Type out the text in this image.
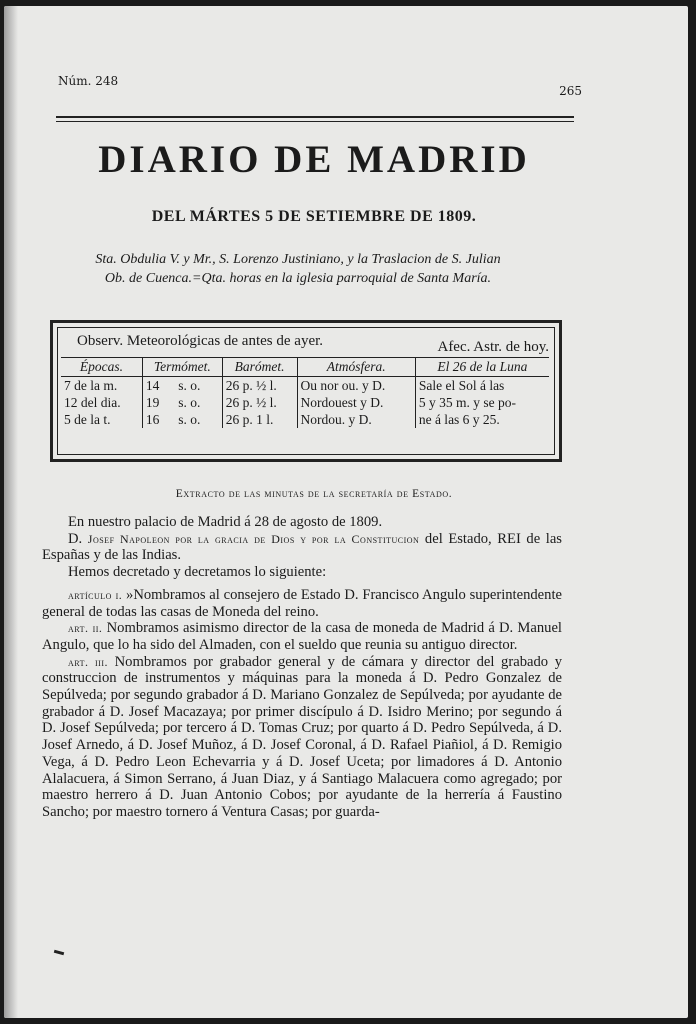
Núm. 248
265
DIARIO DE MADRID
DEL MÁRTES 5 DE SETIEMBRE DE 1809.
Sta. Obdulia V. y Mr., S. Lorenzo Justiniano, y la Traslacion de S. Julian
Ob. de Cuenca.=Qta. horas en la iglesia parroquial de Santa María.
Observ. Meteorológicas de antes de ayer.	Afec. Astr. de hoy.
Épocas.	Termómet.		Barómet.	Atmósfera.	El 26 de la Luna
7 de la m.	14	s. o.	26 p. ½ l.	Ou nor ou. y D.	Sale el Sol á las
12 del dia.	19	s. o.	26 p. ½ l.	Nordouest y D.	5 y 35 m. y se po-
5 de la t.	16	s. o.	26 p. 1 l.	Nordou. y D.	ne á las 6 y 25.
Extracto de las minutas de la secretaría de Estado.

En nuestro palacio de Madrid á 28 de agosto de 1809.

D. Josef Napoleon por la gracia de Dios y por la Constitucion del Estado, REI de las Españas y de las Indias.

Hemos decretado y decretamos lo siguiente:

artículo i. »Nombramos al consejero de Estado D. Francisco Angulo superintendente general de todas las casas de Moneda del reino.

art. ii. Nombramos asimismo director de la casa de moneda de Madrid á D. Manuel Angulo, que lo ha sido del Almaden, con el sueldo que reunia su antiguo director.

art. iii. Nombramos por grabador general y de cámara y director del grabado y construccion de instrumentos y máquinas para la moneda á D. Pedro Gonzalez de Sepúlveda; por segundo grabador á D. Mariano Gonzalez de Sepúlveda; por ayudante de grabador á D. Josef Macazaya; por primer discípulo á D. Isidro Merino; por segundo á D. Josef Sepúlveda; por tercero á D. Tomas Cruz; por quarto á D. Pedro Sepúlveda, á D. Josef Arnedo, á D. Josef Muñoz, á D. Josef Coronal, á D. Rafael Piañiol, á D. Remigio Vega, á D. Pedro Leon Echevarria y á D. Josef Uceta; por limadores á D. Antonio Alalacuera, á Simon Serrano, á Juan Diaz, y á Santiago Malacuera como agregado; por maestro herrero á D. Juan Antonio Cobos; por ayudante de la herrería á Faustino Sancho; por maestro tornero á Ventura Casas; por guarda-
